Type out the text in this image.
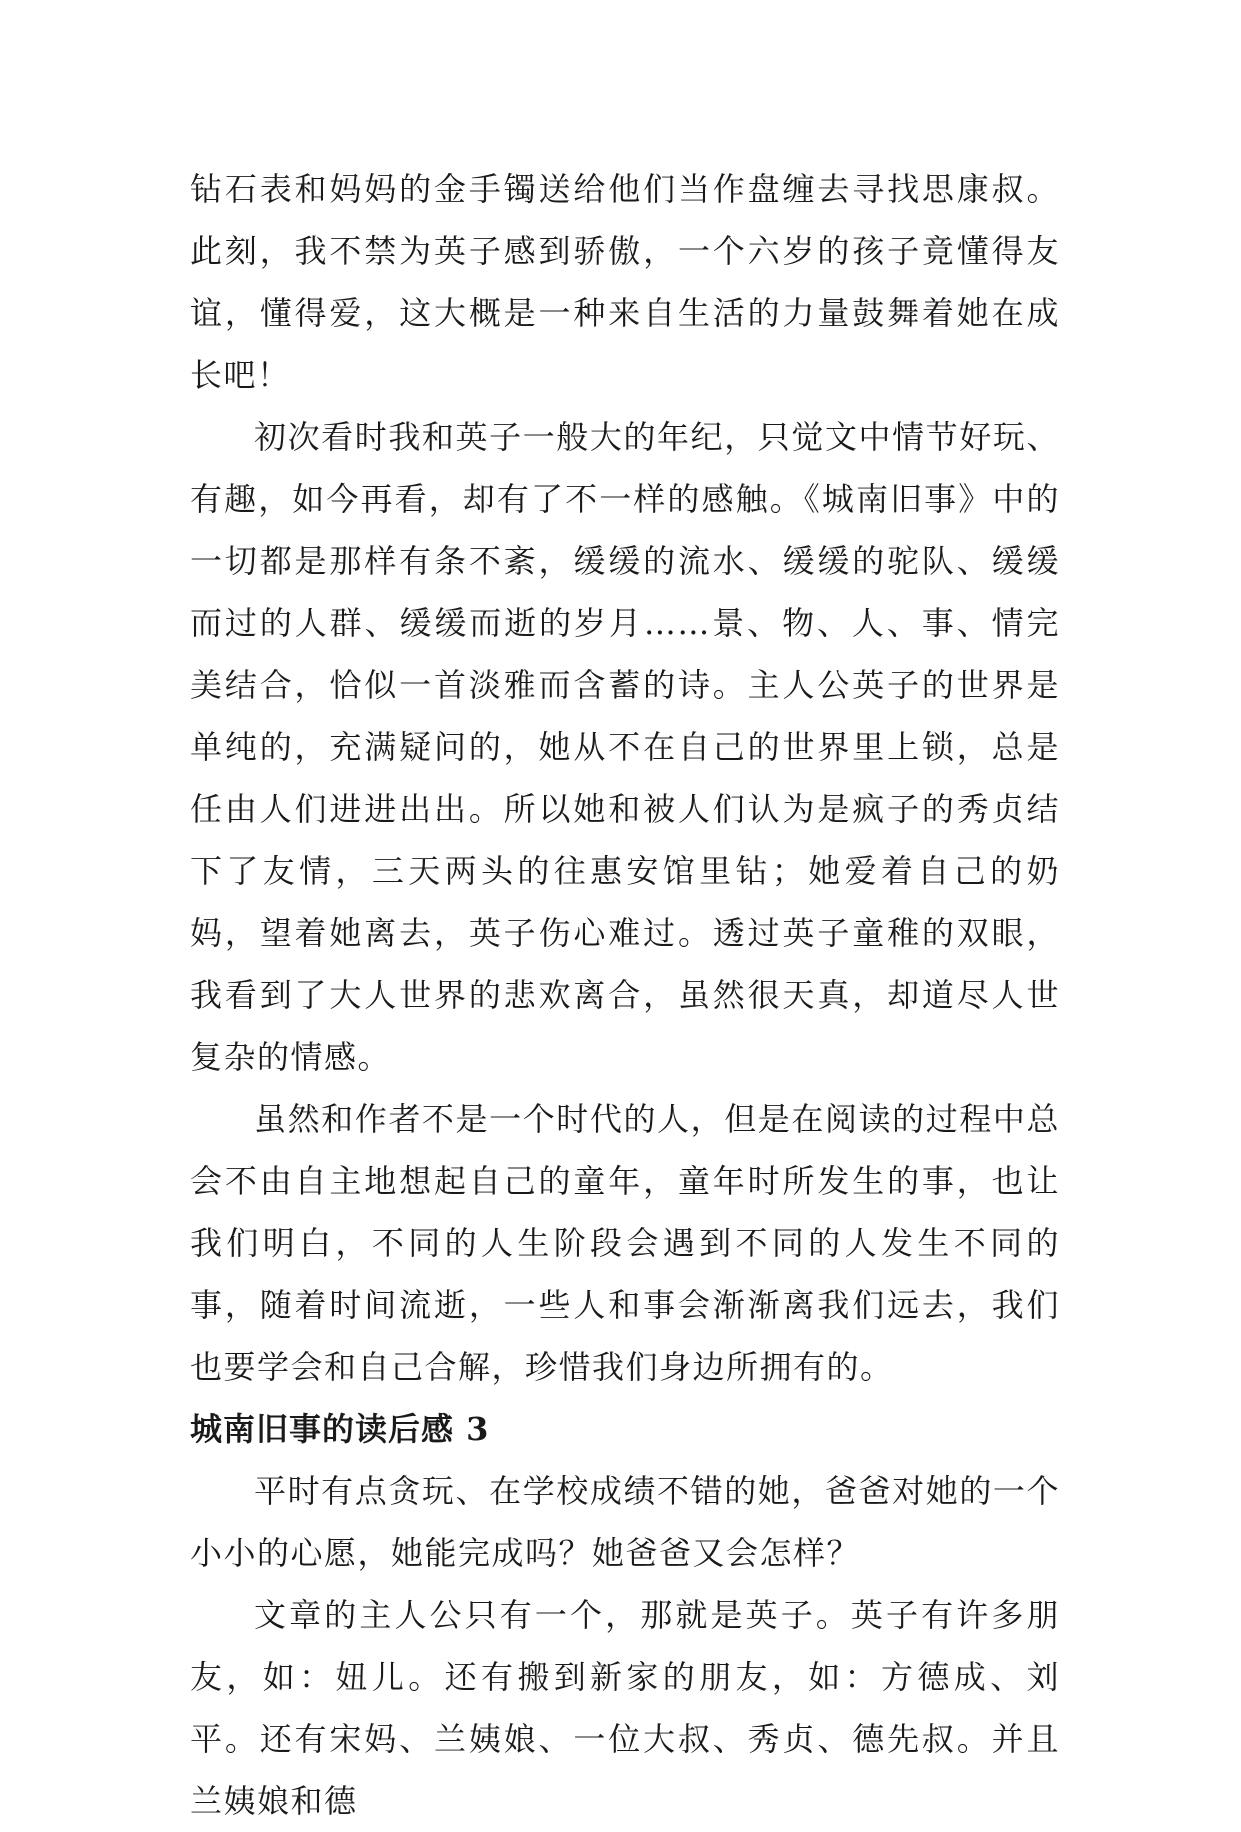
钻石表和妈妈的金手镯送给他们当作盘缠去寻找思康叔。此刻，我不禁为英子感到骄傲，一个六岁的孩子竟懂得友谊，懂得爱，这大概是一种来自生活的力量鼓舞着她在成长吧！

初次看时我和英子一般大的年纪，只觉文中情节好玩、有趣，如今再看，却有了不一样的感触。《城南旧事》中的一切都是那样有条不紊，缓缓的流水、缓缓的驼队、缓缓而过的人群、缓缓而逝的岁月……景、物、人、事、情完美结合，恰似一首淡雅而含蓄的诗。主人公英子的世界是单纯的，充满疑问的，她从不在自己的世界里上锁，总是任由人们进进出出。所以她和被人们认为是疯子的秀贞结下了友情，三天两头的往惠安馆里钻；她爱着自己的奶妈，望着她离去，英子伤心难过。透过英子童稚的双眼，我看到了大人世界的悲欢离合，虽然很天真，却道尽人世复杂的情感。

虽然和作者不是一个时代的人，但是在阅读的过程中总会不由自主地想起自己的童年，童年时所发生的事，也让我们明白，不同的人生阶段会遇到不同的人发生不同的事，随着时间流逝，一些人和事会渐渐离我们远去，我们也要学会和自己合解，珍惜我们身边所拥有的。

城南旧事的读后感 3

平时有点贪玩、在学校成绩不错的她，爸爸对她的一个小小的心愿，她能完成吗？她爸爸又会怎样？

文章的主人公只有一个，那就是英子。英子有许多朋友，如：妞儿。还有搬到新家的朋友，如：方德成、刘平。还有宋妈、兰姨娘、一位大叔、秀贞、德先叔。并且兰姨娘和德
